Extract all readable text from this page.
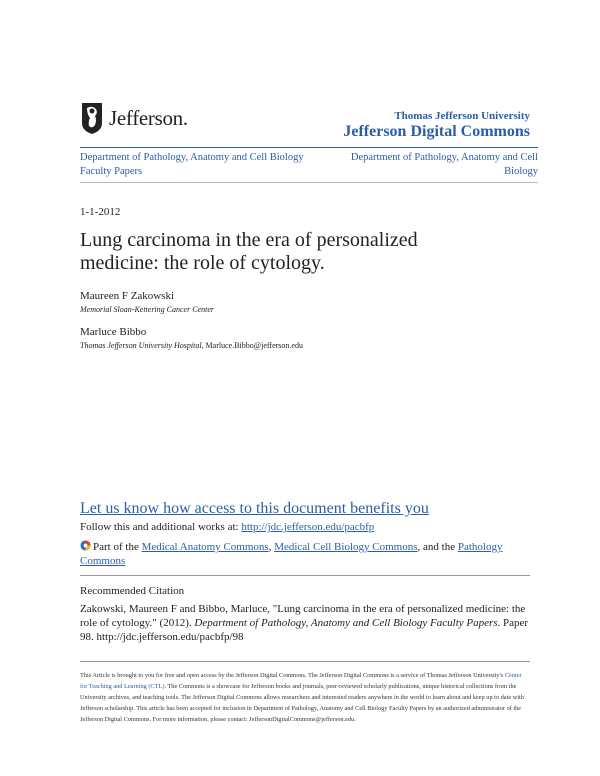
Jefferson.	Thomas Jefferson University
Jefferson Digital Commons
Department of Pathology, Anatomy and Cell Biology Faculty Papers
Department of Pathology, Anatomy and Cell Biology
1-1-2012
Lung carcinoma in the era of personalized medicine: the role of cytology.
Maureen F Zakowski
Memorial Sloan-Kettering Cancer Center
Marluce Bibbo
Thomas Jefferson University Hospital, Marluce.Bibbo@jefferson.edu
Let us know how access to this document benefits you
Follow this and additional works at: http://jdc.jefferson.edu/pacbfp
Part of the Medical Anatomy Commons, Medical Cell Biology Commons, and the Pathology Commons
Recommended Citation
Zakowski, Maureen F and Bibbo, Marluce, "Lung carcinoma in the era of personalized medicine: the role of cytology." (2012). Department of Pathology, Anatomy and Cell Biology Faculty Papers. Paper 98. http://jdc.jefferson.edu/pacbfp/98
This Article is brought to you for free and open access by the Jefferson Digital Commons. The Jefferson Digital Commons is a service of Thomas Jefferson University's Center for Teaching and Learning (CTL). The Commons is a showcase for Jefferson books and journals, peer-reviewed scholarly publications, unique historical collections from the University archives, and teaching tools. The Jefferson Digital Commons allows researchers and interested readers anywhere in the world to learn about and keep up to date with Jefferson scholarship. This article has been accepted for inclusion in Department of Pathology, Anatomy and Cell Biology Faculty Papers by an authorized administrator of the Jefferson Digital Commons. For more information, please contact: JeffersonDigitalCommons@jefferson.edu.
